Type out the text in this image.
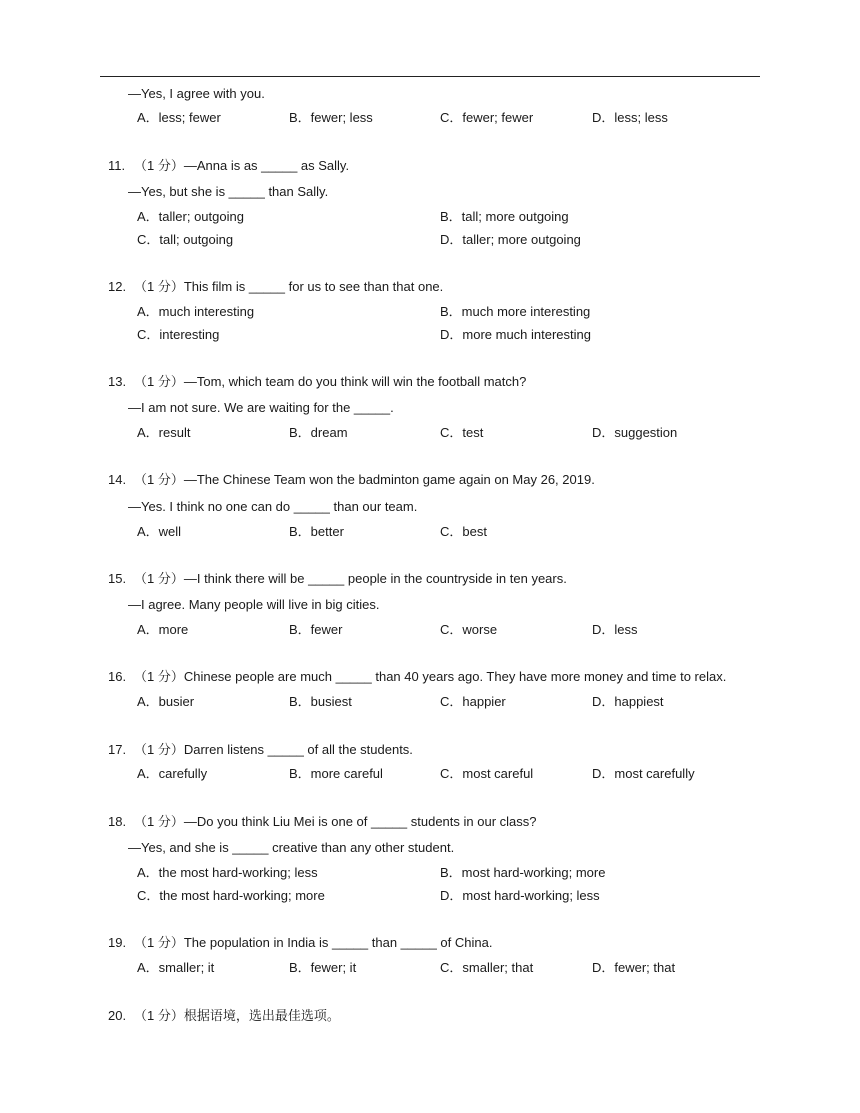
—Yes, I agree with you.
A．less; fewer	B．fewer; less	C．fewer; fewer	D．less; less
11. （1 分）—Anna is as _____ as Sally.
—Yes, but she is _____ than Sally.
A．taller; outgoing	B．tall; more outgoing
C．tall; outgoing	D．taller; more outgoing
12. （1 分）This film is _____ for us to see than that one.
A．much interesting	B．much more interesting
C．interesting	D．more much interesting
13. （1 分）—Tom, which team do you think will win the football match?
—I am not sure. We are waiting for the _____.
A．result	B．dream	C．test	D．suggestion
14. （1 分）—The Chinese Team won the badminton game again on May 26, 2019.
—Yes. I think no one can do _____ than our team.
A．well	B．better	C．best
15. （1 分）—I think there will be _____ people in the countryside in ten years.
—I agree. Many people will live in big cities.
A．more	B．fewer	C．worse	D．less
16. （1 分）Chinese people are much _____ than 40 years ago. They have more money and time to relax.
A．busier	B．busiest	C．happier	D．happiest
17. （1 分）Darren listens _____ of all the students.
A．carefully	B．more careful	C．most careful	D．most carefully
18. （1 分）—Do you think Liu Mei is one of _____ students in our class?
—Yes, and she is _____ creative than any other student.
A．the most hard-working; less	B．most hard-working; more
C．the most hard-working; more	D．most hard-working; less
19. （1 分）The population in India is _____ than _____ of China.
A．smaller; it	B．fewer; it	C．smaller; that	D．fewer; that
20. （1 分）根据语境，选出最佳选项。
